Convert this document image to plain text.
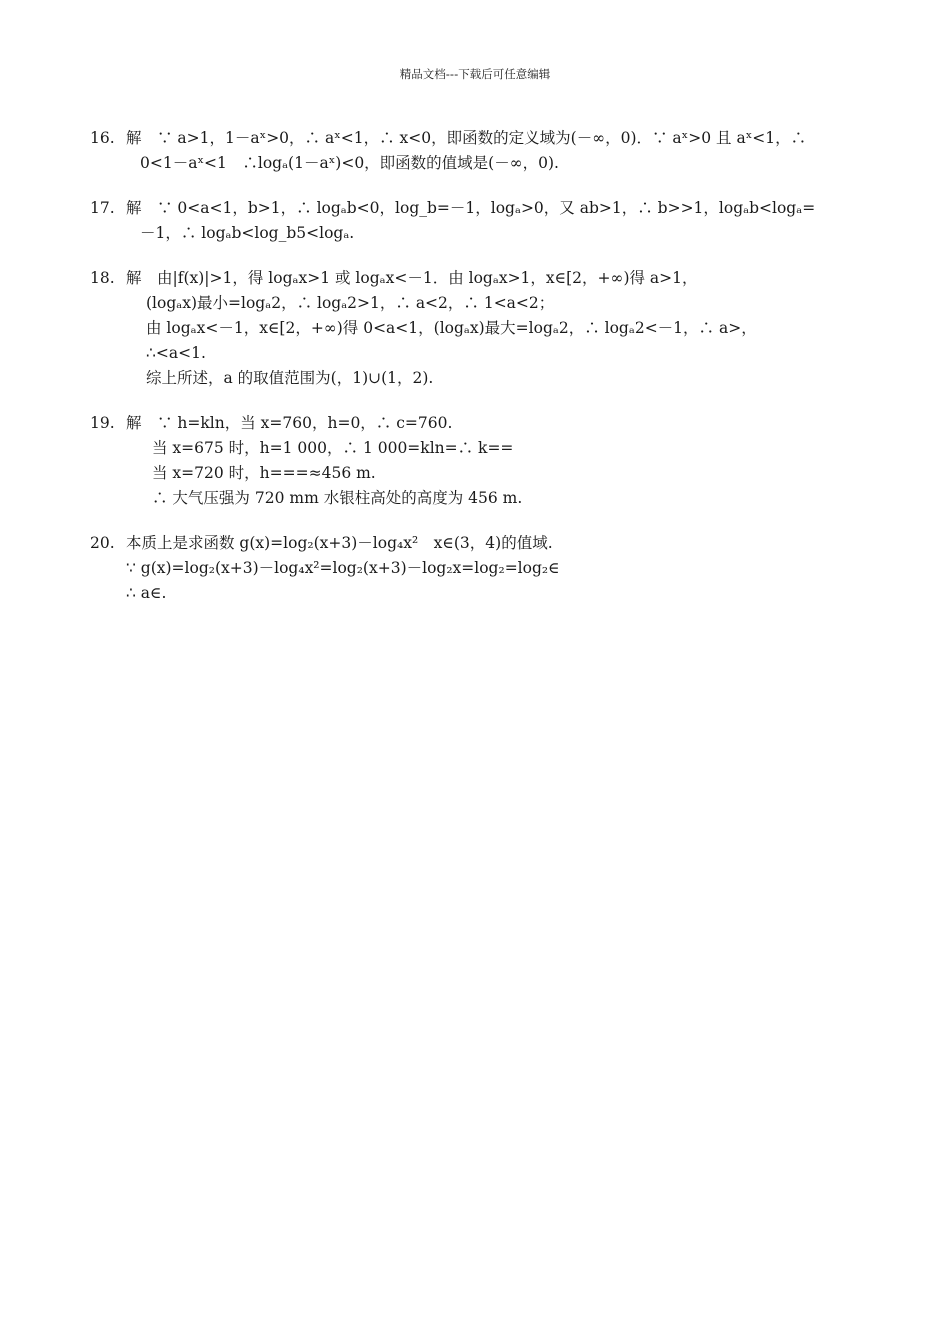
精品文档---下载后可任意编辑
16. 解　∵ a>1，1－aˣ>0，∴ aˣ<1，∴ x<0，即函数的定义域为(－∞，0)．∵ aˣ>0 且 aˣ<1，∴
0<1－aˣ<1　∴logₐ(1－aˣ)<0，即函数的值域是(－∞，0).
17. 解　∵ 0<a<1，b>1，∴ logₐb<0，log_b=－1，logₐ>0，又 ab>1，∴ b>>1，logₐb<logₐ=
－1，∴ logₐb<log_b5<logₐ.
18. 解　由|f(x)|>1，得 logₐx>1 或 logₐx<－1．由 logₐx>1，x∈[2，+∞)得 a>1，
(logₐx)最小=logₐ2，∴ logₐ2>1，∴ a<2，∴ 1<a<2；
由 logₐx<－1，x∈[2，+∞)得 0<a<1，(logₐx)最大=logₐ2，∴ logₐ2<－1，∴ a>，
∴<a<1.
综上所述，a 的取值范围为(，1)∪(1，2).
19. 解　∵ h=kln，当 x=760，h=0，∴ c=760.
当 x=675 时，h=1 000，∴ 1 000=kln=∴ k==
当 x=720 时，h===≈456 m.
∴ 大气压强为 720 mm 水银柱高处的高度为 456 m.
20. 本质上是求函数 g(x)=log₂(x+3)－log₄x²　x∈(3，4)的值域.
∵ g(x)=log₂(x+3)－log₄x²=log₂(x+3)－log₂x=log₂=log₂∈
∴ a∈.
